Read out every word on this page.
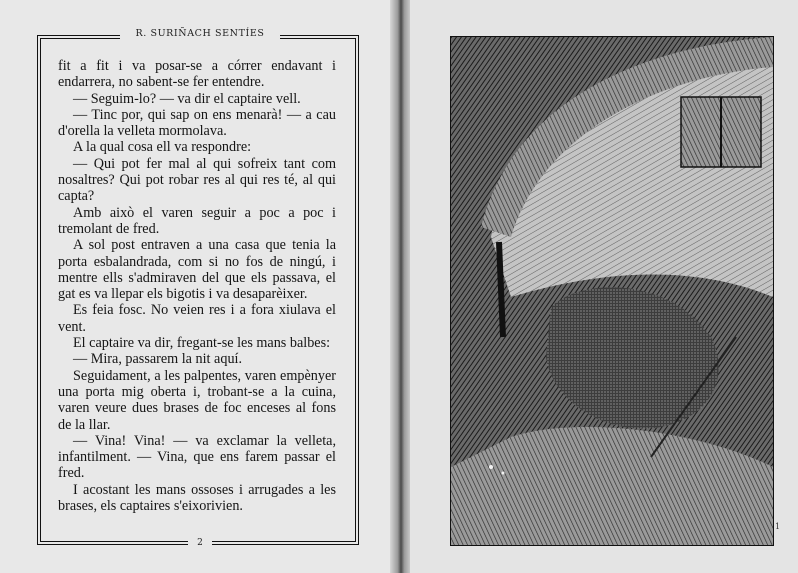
R. SURIÑACH SENTÍES

fit a fit i va posar-se a córrer endavant i endarrera, no sabent-se fer entendre.

— Seguim-lo? — va dir el captaire vell.

— Tinc por, qui sap on ens menarà! — a cau d'orella la velleta mormolava.

A la qual cosa ell va respondre:

— Qui pot fer mal al qui sofreix tant com nosaltres? Qui pot robar res al qui res té, al qui capta?

Amb això el varen seguir a poc a poc i tremolant de fred.

A sol post entraven a una casa que tenia la porta esbalandrada, com si no fos de ningú, i mentre ells s'admiraven del que els passava, el gat es va llepar els bigotis i va desaparèixer.

Es feia fosc. No veien res i a fora xiulava el vent.

El captaire va dir, fregant-se les mans balbes:

— Mira, passarem la nit aquí.

Seguidament, a les palpentes, varen empènyer una porta mig oberta i, trobant-se a la cuina, varen veure dues brases de foc enceses al fons de la llar.

— Vina! Vina! — va exclamar la velleta, infantilment. — Vina, que ens farem passar el fred.

I acostant les mans ossoses i arrugades a les brases, els captaires s'eixorivien.

2
1
